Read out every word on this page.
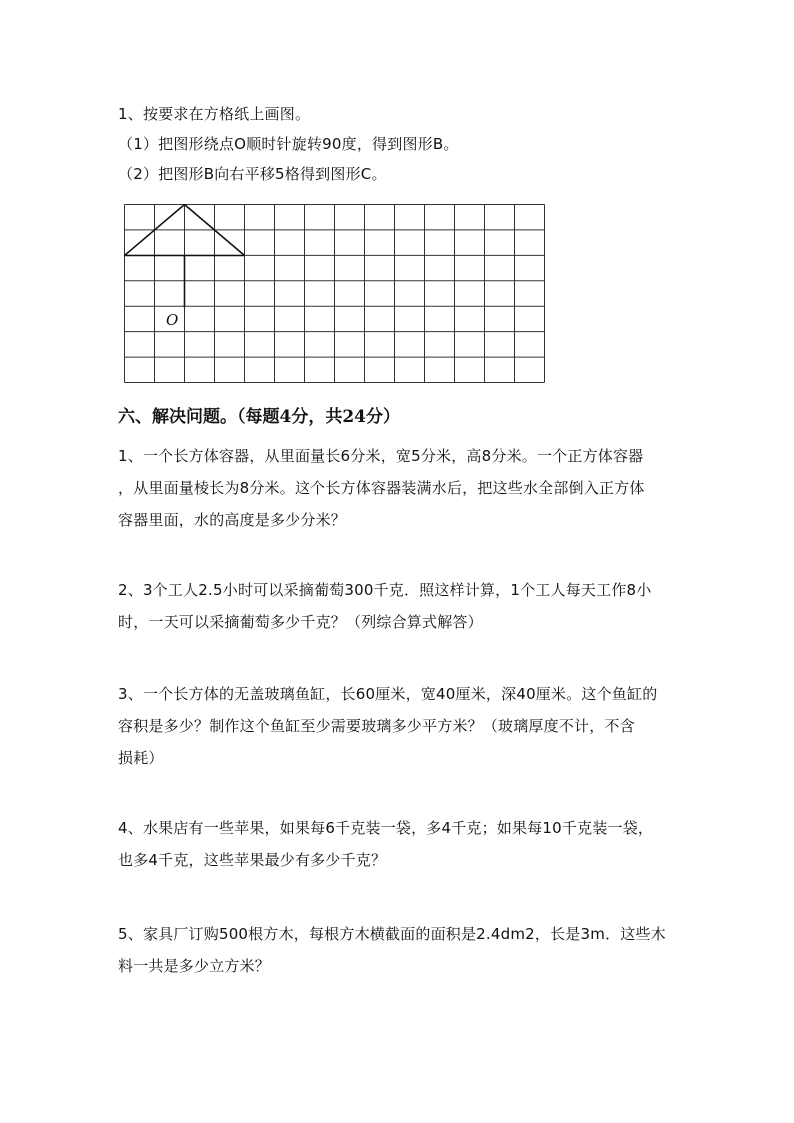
1、按要求在方格纸上画图。
（1）把图形绕点O顺时针旋转90度，得到图形B。
（2）把图形B向右平移5格得到图形C。
O
六、解决问题。（每题4分，共24分）
1、一个长方体容器，从里面量长6分米，宽5分米，高8分米。一个正方体容器
，从里面量棱长为8分米。这个长方体容器装满水后，把这些水全部倒入正方体
容器里面，水的高度是多少分米？
2、3个工人2.5小时可以采摘葡萄300千克．照这样计算，1个工人每天工作8小
时，一天可以采摘葡萄多少千克？（列综合算式解答）
3、一个长方体的无盖玻璃鱼缸，长60厘米，宽40厘米，深40厘米。这个鱼缸的
容积是多少？制作这个鱼缸至少需要玻璃多少平方米？（玻璃厚度不计，不含
损耗）
4、水果店有一些苹果，如果每6千克装一袋，多4千克；如果每10千克装一袋，
也多4千克，这些苹果最少有多少千克？
5、家具厂订购500根方木，每根方木横截面的面积是2.4dm2，长是3m．这些木
料一共是多少立方米？
